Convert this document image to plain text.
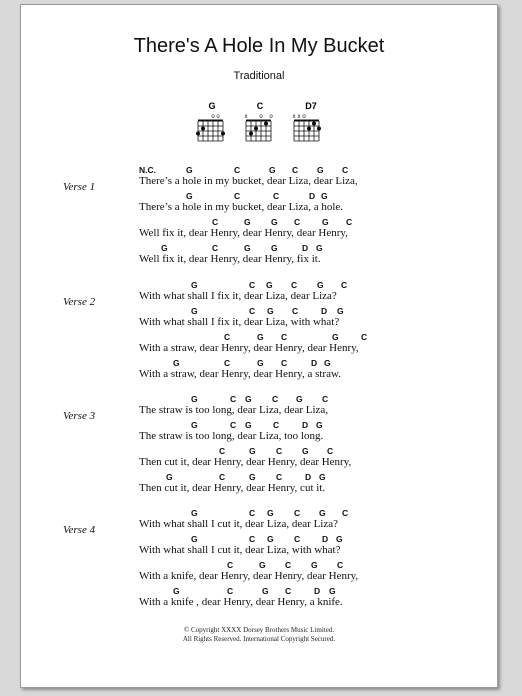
There's A Hole In My Bucket
Traditional
G
o o
C
x o o
D7
x x o
Verse 1
N.C.	G	C	G C G C
There’s a hole in my bucket, dear Liza, dear Liza,
G	C	C	D G
There’s a hole in my bucket, dear Liza, a hole.
C	G G C	G C
Well fix it, dear Henry, dear Henry, dear Henry,
G	C	G G	D G
Well fix it, dear Henry, dear Henry, fix it.
Verse 2
G	C G C G C
With what shall I fix it, dear Liza, dear Liza?
G	C G C	D G
With what shall I fix it, dear Liza, with what?
C	G C	G	C
With a straw, dear Henry, dear Henry, dear Henry,
G	C	G C	D G
With a straw, dear Henry, dear Henry, a straw.
Verse 3
G	C G C G C
The straw is too long, dear Liza, dear Liza,
G	C G	C	D G
The straw is too long, dear Liza, too long.
C	G C G C
Then cut it, dear Henry, dear Henry, dear Henry,
G	C	G C	D G
Then cut it, dear Henry, dear Henry, cut it.
Verse 4
G	C G C G C
With what shall I cut it, dear Liza, dear Liza?
G	C G C	D G
With what shall I cut it, dear Liza, with what?
C	G C G C
With a knife, dear Henry, dear Henry, dear Henry,
G	C	G C	D G
With a knife , dear Henry, dear Henry, a knife.
© Copyright XXXX Dorsey Brothers Music Limited.
All Rights Reserved. International Copyright Secured.
